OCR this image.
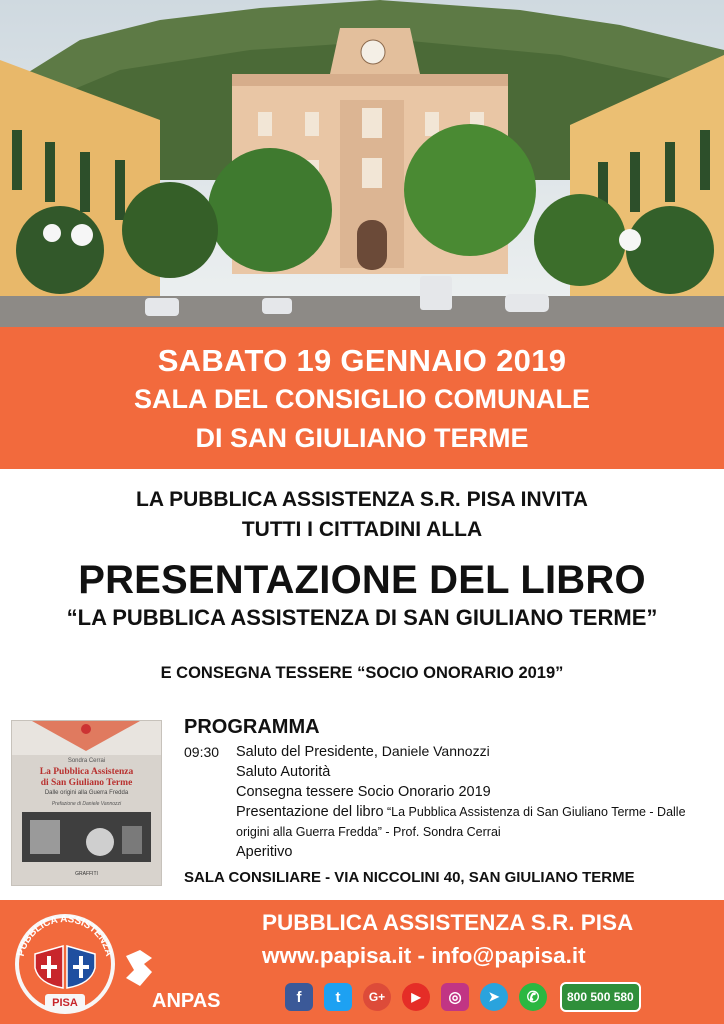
SABATO 19 GENNAIO 2019
SALA DEL CONSIGLIO COMUNALE
DI SAN GIULIANO TERME
LA PUBBLICA ASSISTENZA S.R. PISA INVITA
TUTTI I CITTADINI ALLA
PRESENTAZIONE DEL LIBRO
“LA PUBBLICA ASSISTENZA DI SAN GIULIANO TERME”
E CONSEGNA TESSERE “SOCIO ONORARIO 2019”
Sondra Cerrai
La Pubblica Assistenza
di San Giuliano Terme
Dalle origini alla Guerra Fredda
Prefazione di Daniele Vannozzi
GRAFFITI
PROGRAMMA
09:30 Saluto del Presidente, Daniele Vannozzi
Saluto Autorità
Consegna tessere Socio Onorario 2019
Presentazione del libro “La Pubblica Assistenza di San Giuliano Terme - Dalle origini alla Guerra Fredda” - Prof. Sondra Cerrai
Aperitivo
SALA CONSILIARE - VIA NICCOLINI 40, SAN GIULIANO TERME
PUBBLICA ASSISTENZA
PISA	ANPAS
PUBBLICA ASSISTENZA S.R. PISA
www.papisa.it - info@papisa.it
f	t	G+	▶	◎	➤	✆	800 500 580
